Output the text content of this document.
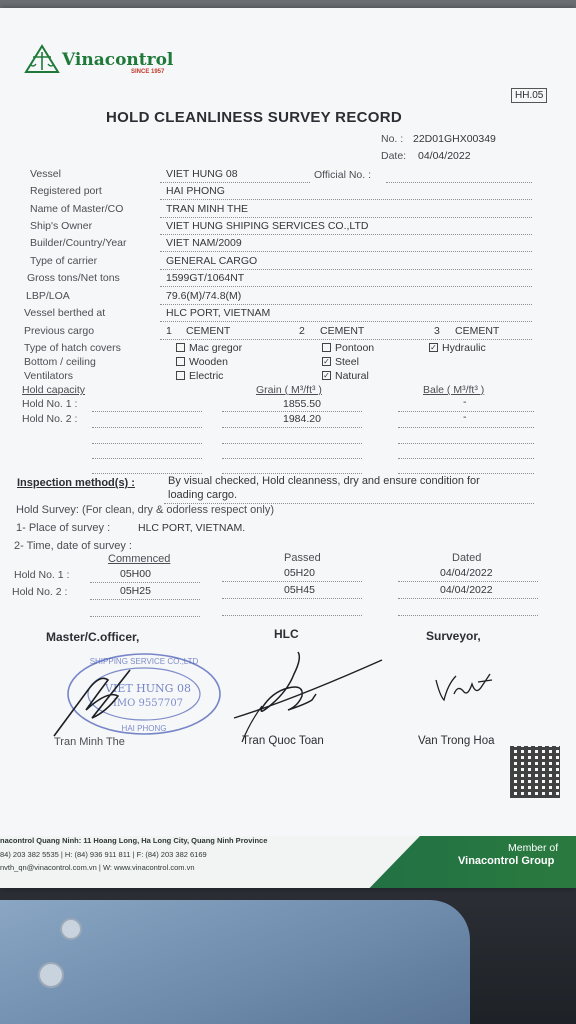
Vinacontrol
SINCE 1957
HH.05
HOLD CLEANLINESS SURVEY RECORD
No. : 22D01GHX00349
Date: 04/04/2022
Vessel	VIET HUNG 08	Official No. :
Registered port	HAI PHONG
Name of Master/CO	TRAN MINH THE
Ship's Owner	VIET HUNG SHIPING SERVICES CO.,LTD
Builder/Country/Year	VIET NAM/2009
Type of carrier	GENERAL CARGO
Gross tons/Net tons	1599GT/1064NT
LBP/LOA	79.6(M)/74.8(M)
Vessel berthed at	HLC PORT, VIETNAM
Previous cargo	1 CEMENT	2 CEMENT	3 CEMENT
Type of hatch covers	Mac gregor	Pontoon	✓ Hydraulic
Bottom / ceiling	Wooden	✓ Steel
Ventilators	Electric	✓ Natural
Hold capacity	Grain ( M³/ft³ )	Bale ( M³/ft³ )
Hold No. 1 :	1855.50	-
Hold No. 2 :	1984.20	-
Inspection method(s) :	By visual checked, Hold cleanness, dry and ensure condition for
loading cargo.
Hold Survey: (For clean, dry & odorless respect only)
1- Place of survey :	HLC PORT, VIETNAM.
2- Time, date of survey :
Commenced	Passed	Dated
Hold No. 1 :	05H00	05H20	04/04/2022
Hold No. 2 :	05H25	05H45	04/04/2022
Master/C.officer,	HLC	Surveyor,
SHIPPING SERVICE CO.,LTD
VIET HUNG 08
IMO 9557707
HAI PHONG
Tran Minh The	Tran Quoc Toan	Van Trong Hoa
nacontrol Quang Ninh: 11 Hoang Long, Ha Long City, Quang Ninh Province
84) 203 382 5535 | H: (84) 936 911 811 | F: (84) 203 382 6169
nvth_qn@vinacontrol.com.vn | W: www.vinacontrol.com.vn
Member of
Vinacontrol Group
